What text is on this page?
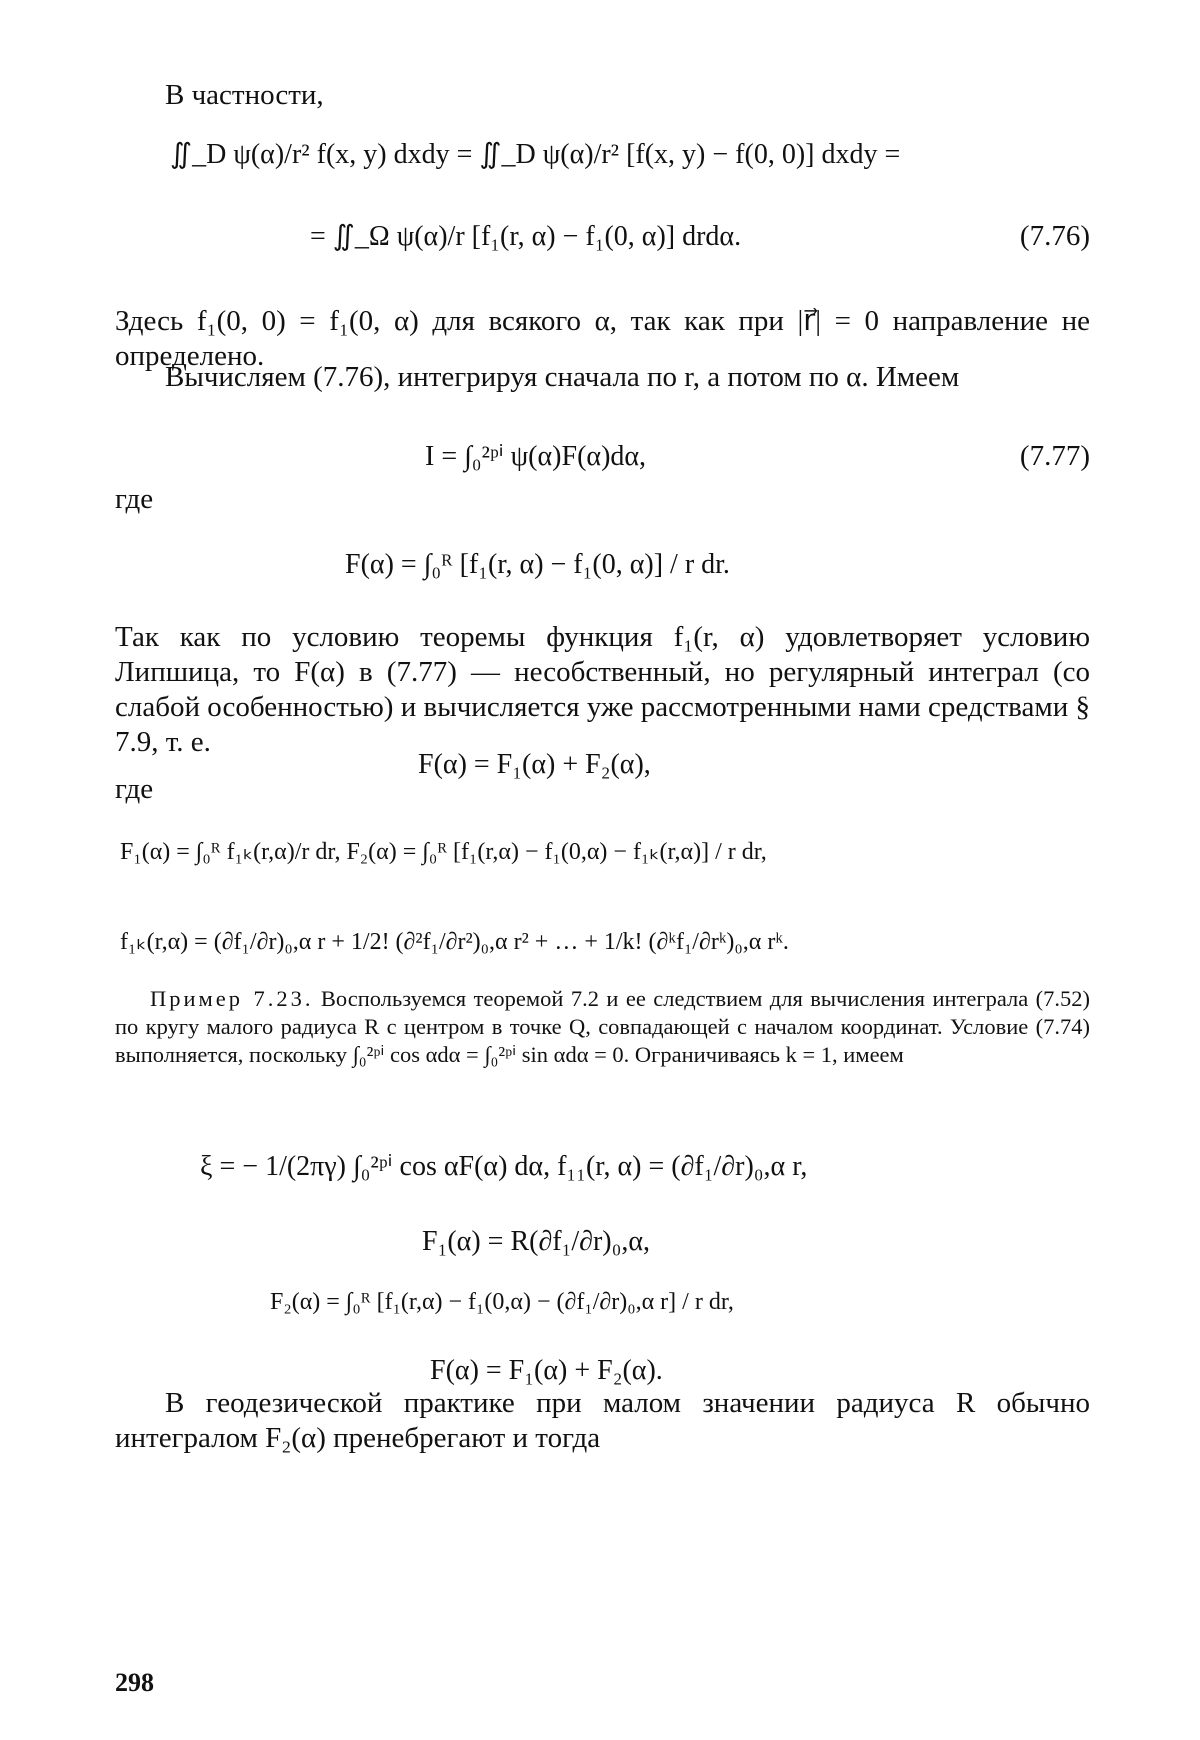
В частности,

∬_D ψ(α)/r² f(x, y) dxdy = ∬_D ψ(α)/r² [f(x, y) − f(0, 0)] dxdy =

= ∬_Ω ψ(α)/r [f₁(r, α) − f₁(0, α)] drdα.	(7.76)

Здесь f₁(0, 0) = f₁(0, α) для всякого α, так как при |r⃗| = 0 направление не определено.

Вычисляем (7.76), интегрируя сначала по r, а потом по α. Имеем

I = ∫₀²ᵖⁱ ψ(α)F(α)dα,	(7.77)

где

F(α) = ∫₀ᴿ [f₁(r, α) − f₁(0, α)] / r dr.

Так как по условию теоремы функция f₁(r, α) удовлетворяет условию Липшица, то F(α) в (7.77) — несобственный, но регулярный интеграл (со слабой особенностью) и вычисляется уже рассмотренными нами средствами § 7.9, т. е.

F(α) = F₁(α) + F₂(α),

где

F₁(α) = ∫₀ᴿ f₁ₖ(r,α)/r dr, F₂(α) = ∫₀ᴿ [f₁(r,α) − f₁(0,α) − f₁ₖ(r,α)] / r dr,

f₁ₖ(r,α) = (∂f₁/∂r)₀,α r + 1/2! (∂²f₁/∂r²)₀,α r² + … + 1/k! (∂ᵏf₁/∂rᵏ)₀,α rᵏ.

Пример 7.23. Воспользуемся теоремой 7.2 и ее следствием для вычисления интеграла (7.52) по кругу малого радиуса R с центром в точке Q, совпадающей с началом координат. Условие (7.74) выполняется, поскольку ∫₀²ᵖⁱ cos αdα = ∫₀²ᵖⁱ sin αdα = 0. Ограничиваясь k = 1, имеем

ξ = − 1/(2πγ) ∫₀²ᵖⁱ cos αF(α) dα, f₁₁(r, α) = (∂f₁/∂r)₀,α r,

F₁(α) = R(∂f₁/∂r)₀,α,

F₂(α) = ∫₀ᴿ [f₁(r,α) − f₁(0,α) − (∂f₁/∂r)₀,α r] / r dr,

F(α) = F₁(α) + F₂(α).

В геодезической практике при малом значении радиуса R обычно интегралом F₂(α) пренебрегают и тогда

298
